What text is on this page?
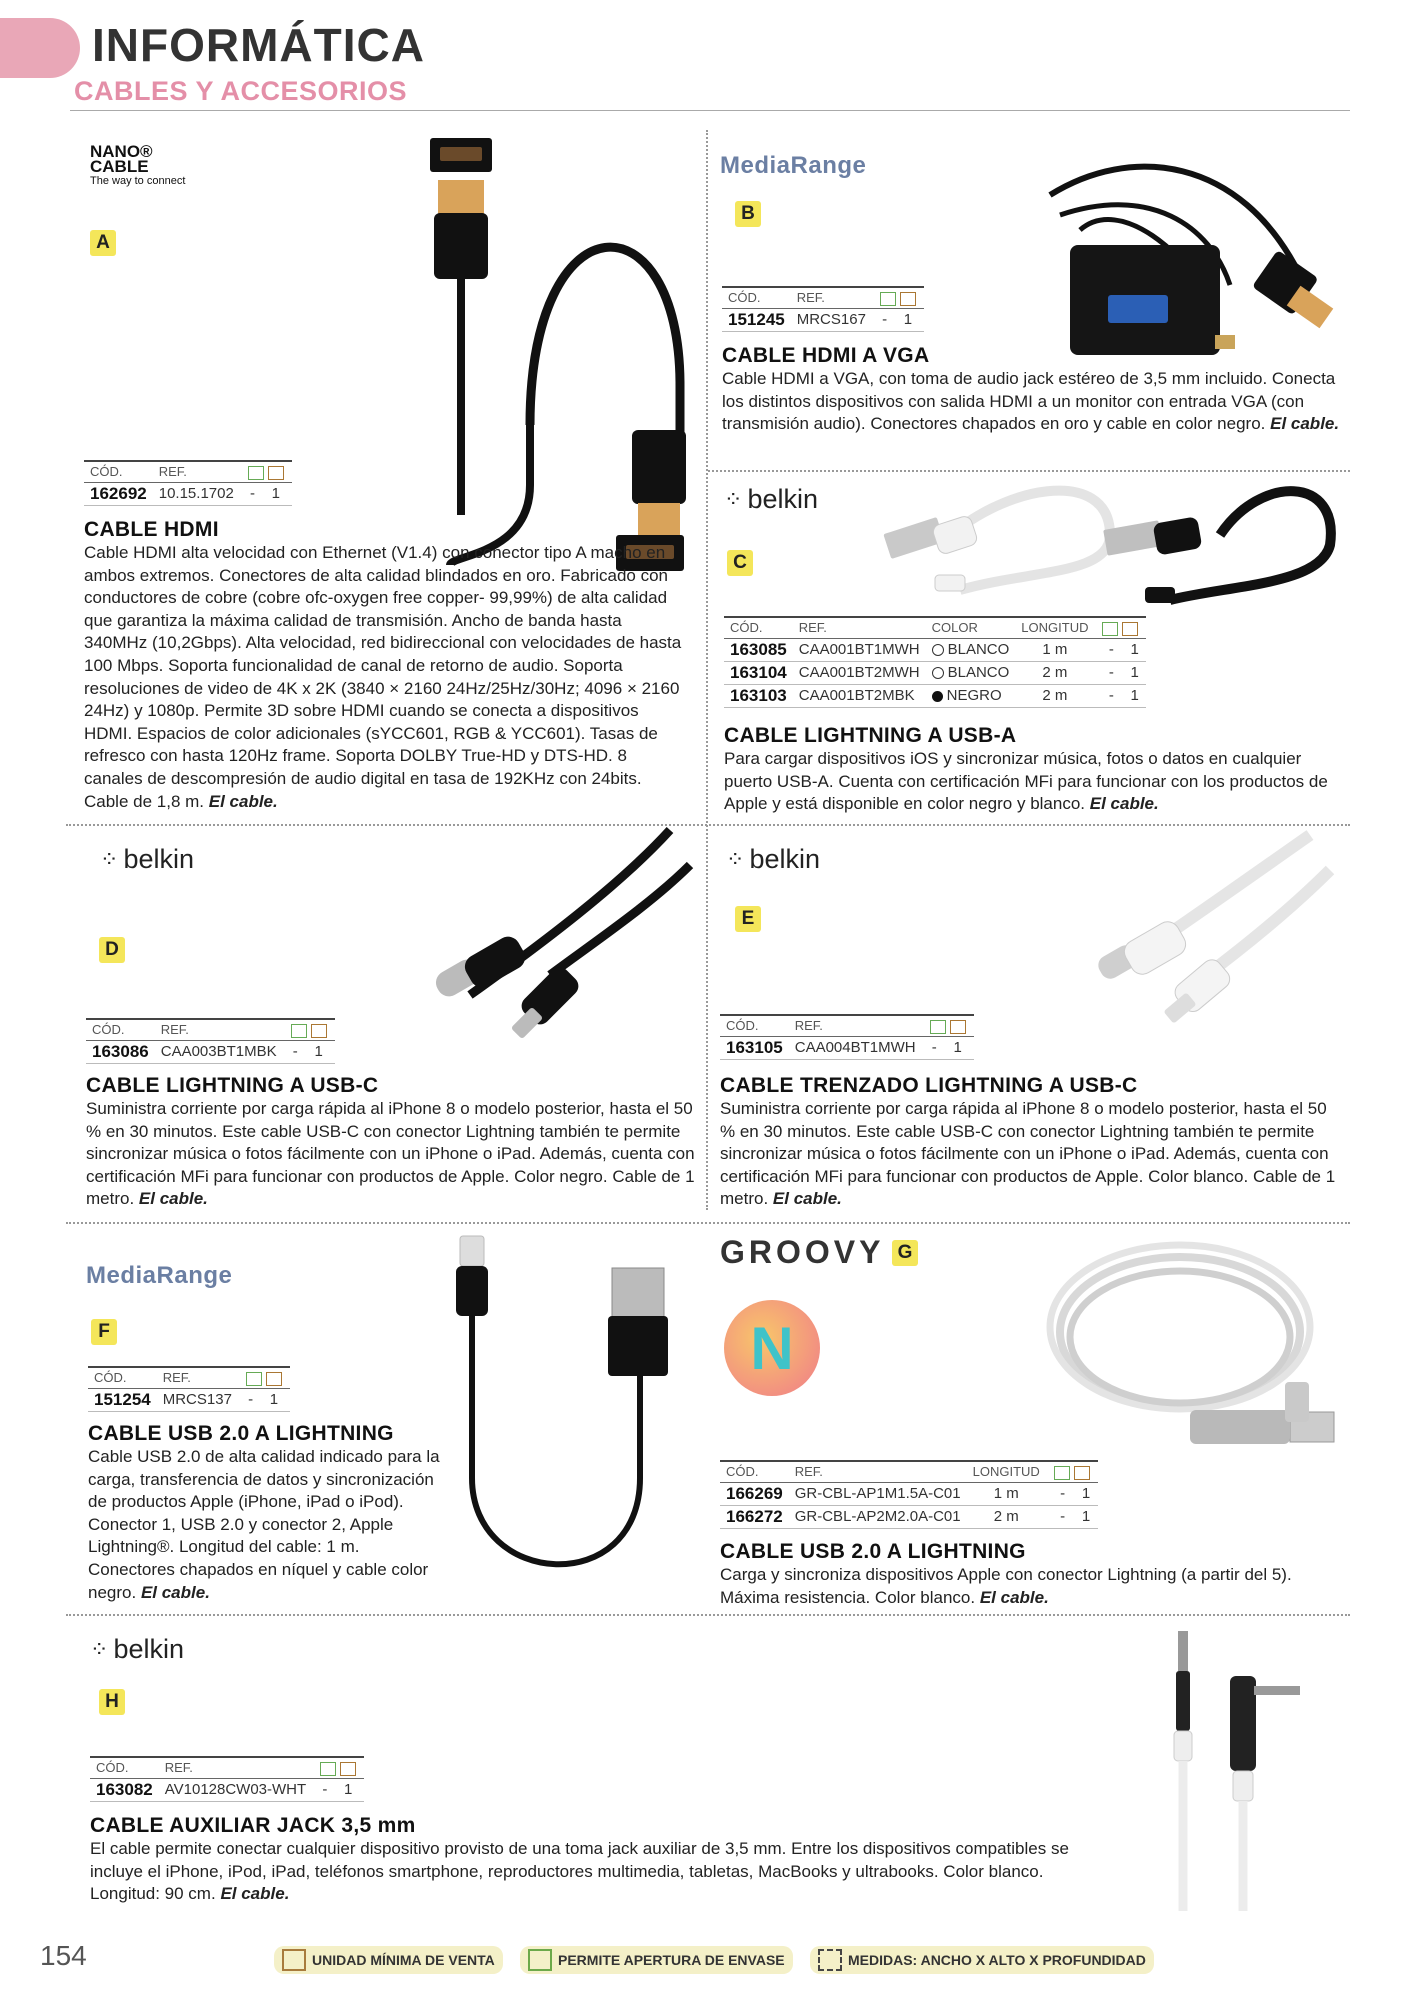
INFORMÁTICA
CABLES Y ACCESORIOS
NANO®
CABLE
The way to connect
A
CÓD.	REF.	
162692	10.15.1702	- 1
CABLE HDMI
Cable HDMI alta velocidad con Ethernet (V1.4) con conector tipo A macho en ambos extremos. Conectores de alta calidad blindados en oro. Fabricado con conductores de cobre (cobre ofc-oxygen free copper- 99,99%) de alta calidad que garantiza la máxima calidad de transmisión. Ancho de banda hasta 340MHz (10,2Gbps). Alta velocidad, red bidireccional con velocidades de hasta 100 Mbps. Soporta funcionalidad de canal de retorno de audio. Soporta resoluciones de video de 4K x 2K (3840 × 2160 24Hz/25Hz/30Hz; 4096 × 2160 24Hz) y 1080p. Permite 3D sobre HDMI cuando se conecta a dispositivos HDMI. Espacios de color adicionales (sYCC601, RGB & YCC601). Tasas de refresco con hasta 120Hz frame. Soporta DOLBY True-HD y DTS-HD. 8 canales de descompresión de audio digital en tasa de 192KHz con 24bits. Cable de 1,8 m. El cable.
MediaRange
B
CÓD.	REF.	
151245	MRCS167	- 1
CABLE HDMI A VGA
Cable HDMI a VGA, con toma de audio jack estéreo de 3,5 mm incluido. Conecta los distintos dispositivos con salida HDMI a un monitor con entrada VGA (con transmisión audio). Conectores chapados en oro y cable en color negro. El cable.
⁘ belkin
C
CÓD.	REF.	COLOR	LONGITUD	
163085	CAA001BT1MWH	BLANCO	1 m	- 1
163104	CAA001BT2MWH	BLANCO	2 m	- 1
163103	CAA001BT2MBK	NEGRO	2 m	- 1
CABLE LIGHTNING A USB-A
Para cargar dispositivos iOS y sincronizar música, fotos o datos en cualquier puerto USB-A. Cuenta con certificación MFi para funcionar con los productos de Apple y está disponible en color negro y blanco. El cable.
⁘ belkin
D
CÓD.	REF.	
163086	CAA003BT1MBK	- 1
CABLE LIGHTNING A USB-C
Suministra corriente por carga rápida al iPhone 8 o modelo posterior, hasta el 50 % en 30 minutos. Este cable USB-C con conector Lightning también te permite sincronizar música o fotos fácilmente con un iPhone o iPad. Además, cuenta con certificación MFi para funcionar con productos de Apple. Color negro. Cable de 1 metro. El cable.
⁘ belkin
E
CÓD.	REF.	
163105	CAA004BT1MWH	- 1
CABLE TRENZADO LIGHTNING A USB-C
Suministra corriente por carga rápida al iPhone 8 o modelo posterior, hasta el 50 % en 30 minutos. Este cable USB-C con conector Lightning también te permite sincronizar música o fotos fácilmente con un iPhone o iPad. Además, cuenta con certificación MFi para funcionar con productos de Apple. Color blanco. Cable de 1 metro. El cable.
MediaRange
F
CÓD.	REF.	
151254	MRCS137	- 1
CABLE USB 2.0 A LIGHTNING
Cable USB 2.0 de alta calidad indicado para la carga, transferencia de datos y sincronización de productos Apple (iPhone, iPad o iPod). Conector 1, USB 2.0 y conector 2, Apple Lightning®. Longitud del cable: 1 m. Conectores chapados en níquel y cable color negro. El cable.
GROOVY G
N
CÓD.	REF.	LONGITUD	
166269	GR-CBL-AP1M1.5A-C01	1 m	- 1
166272	GR-CBL-AP2M2.0A-C01	2 m	- 1
CABLE USB 2.0 A LIGHTNING
Carga y sincroniza dispositivos Apple con conector Lightning (a partir del 5). Máxima resistencia. Color blanco. El cable.
⁘ belkin
H
CÓD.	REF.	
163082	AV10128CW03-WHT	- 1
CABLE AUXILIAR JACK 3,5 mm
El cable permite conectar cualquier dispositivo provisto de una toma jack auxiliar de 3,5 mm. Entre los dispositivos compatibles se incluye el iPhone, iPod, iPad, teléfonos smartphone, reproductores multimedia, tabletas, MacBooks y ultrabooks. Color blanco. Longitud: 90 cm. El cable.
154	UNIDAD MÍNIMA DE VENTA	PERMITE APERTURA DE ENVASE	MEDIDAS: ANCHO X ALTO X PROFUNDIDAD
